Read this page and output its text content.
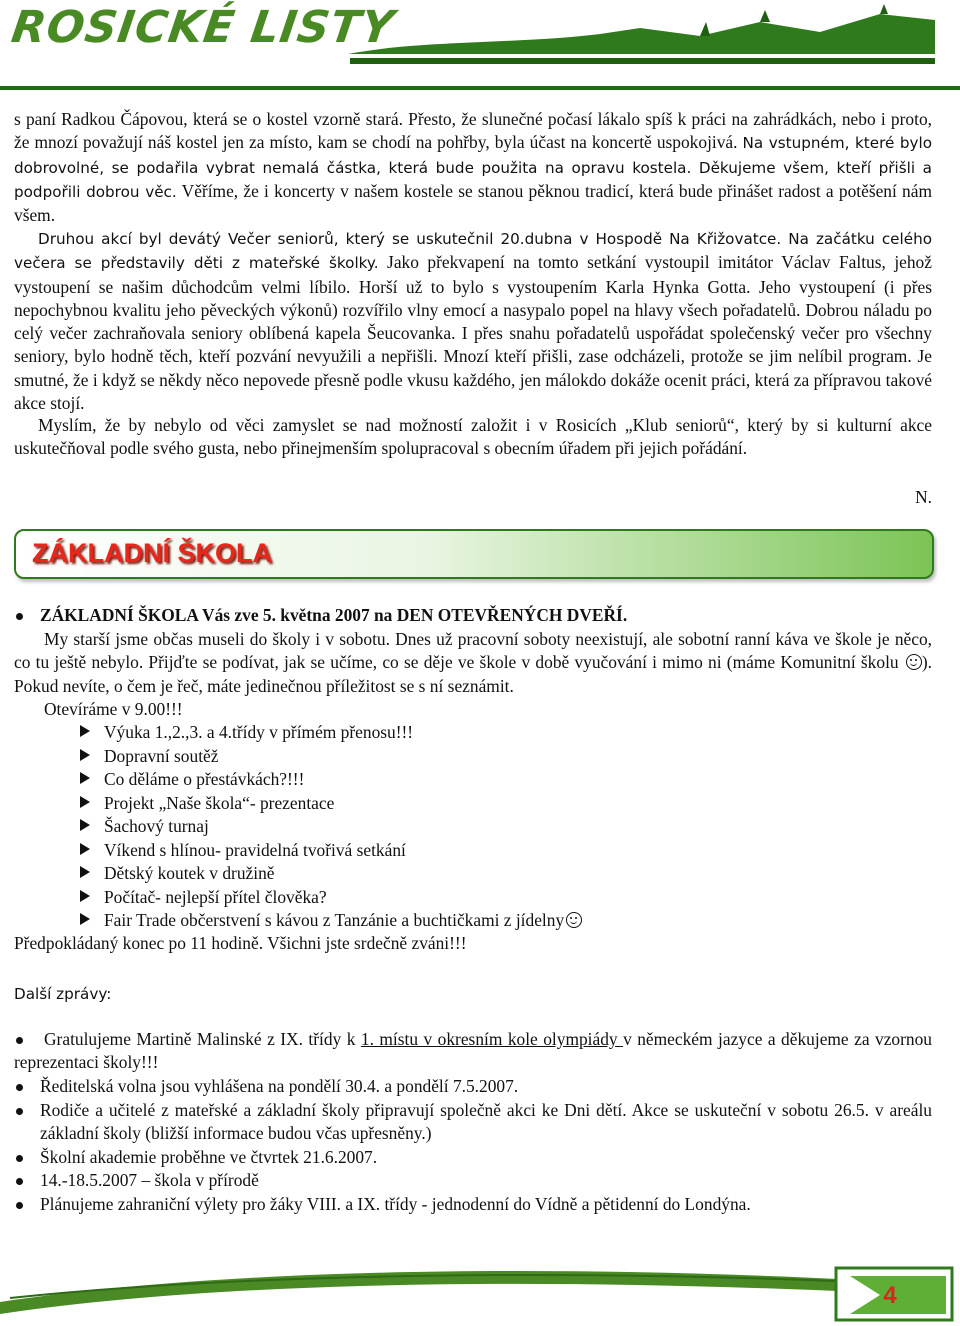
ROSICKÉ LISTY

s paní Radkou Čápovou, která se o kostel vzorně stará. Přesto, že slunečné počasí lákalo spíš k práci na zahrádkách, nebo i proto, že mnozí považují náš kostel jen za místo, kam se chodí na pohřby, byla účast na koncertě uspokojivá. Na vstupném, které bylo dobrovolné, se podařila vybrat nemalá částka, která bude použita na opravu kostela. Děkujeme všem, kteří přišli a podpořili dobrou věc. Věříme, že i koncerty v našem kostele se stanou pěknou tradicí, která bude přinášet radost a potěšení nám všem.

Druhou akcí byl devátý Večer seniorů, který se uskutečnil 20.dubna v Hospodě Na Křižovatce. Na začátku celého večera se představily děti z mateřské školky. Jako překvapení na tomto setkání vystoupil imitátor Václav Faltus, jehož vystoupení se našim důchodcům velmi líbilo. Horší už to bylo s vystoupením Karla Hynka Gotta. Jeho vystoupení (i přes nepochybnou kvalitu jeho pěveckých výkonů) rozvířilo vlny emocí a nasypalo popel na hlavy všech pořadatelů. Dobrou náladu po celý večer zachraňovala seniory oblíbená kapela Šeucovanka. I přes snahu pořadatelů uspořádat společenský večer pro všechny seniory, bylo hodně těch, kteří pozvání nevyužili a nepřišli. Mnozí kteří přišli, zase odcházeli, protože se jim nelíbil program. Je smutné, že i když se někdy něco nepovede přesně podle vkusu každého, jen málokdo dokáže ocenit práci, která za přípravou takové akce stojí.

Myslím, že by nebylo od věci zamyslet se nad možností založit i v Rosicích „Klub seniorů“, který by si kulturní akce uskutečňoval podle svého gusta, nebo přinejmenším spolupracoval s obecním úřadem při jejich pořádání.

N.
ZÁKLADNÍ ŠKOLA
ZÁKLADNÍ ŠKOLA Vás zve 5. května 2007 na DEN OTEVŘENÝCH DVEŘÍ.

My starší jsme občas museli do školy i v sobotu. Dnes už pracovní soboty neexistují, ale sobotní ranní káva ve škole je něco, co tu ještě nebylo. Přijďte se podívat, jak se učíme, co se děje ve škole v době vyučování i mimo ni (máme Komunitní školu ). Pokud nevíte, o čem je řeč, máte jedinečnou příležitost se s ní seznámit.

Otevíráme v 9.00!!!
Výuka 1.,2.,3. a 4.třídy v přímém přenosu!!!
Dopravní soutěž
Co děláme o přestávkách?!!!
Projekt „Naše škola“- prezentace
Šachový turnaj
Víkend s hlínou- pravidelná tvořivá setkání
Dětský koutek v družině
Počítač- nejlepší přítel člověka?
Fair Trade občerstvení s kávou z Tanzánie a buchtičkami z jídelny
Předpokládaný konec po 11 hodině. Všichni jste srdečně zváni!!!
Další zprávy:
Gratulujeme Martině Malinské z IX. třídy k 1. místu v okresním kole olympiády v německém jazyce a děkujeme za vzornou reprezentaci školy!!!
Ředitelská volna jsou vyhlášena na pondělí 30.4. a pondělí 7.5.2007.
Rodiče a učitelé z mateřské a základní školy připravují společně akci ke Dni dětí. Akce se uskuteční v sobotu 26.5. v areálu základní školy (bližší informace budou včas upřesněny.)
Školní akademie proběhne ve čtvrtek 21.6.2007.
14.-18.5.2007 – škola v přírodě
Plánujeme zahraniční výlety pro žáky VIII. a IX. třídy - jednodenní do Vídně a pětidenní do Londýna.
4
